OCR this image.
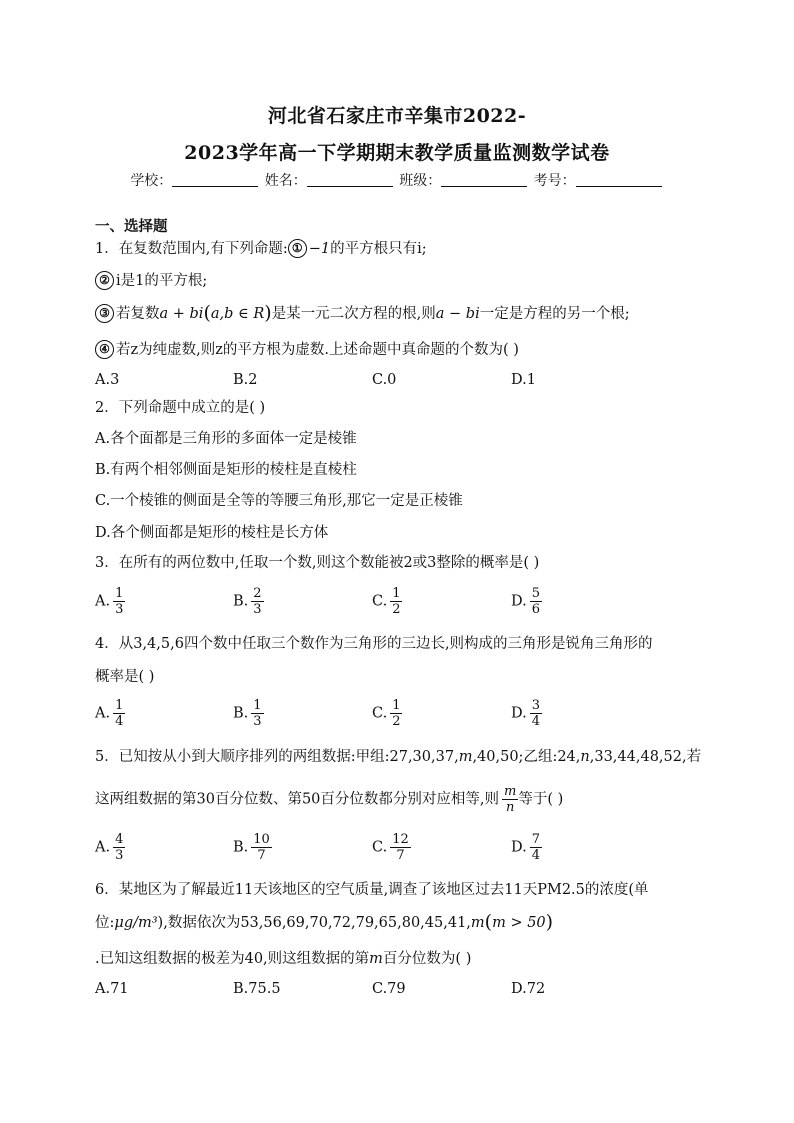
河北省石家庄市辛集市2022-
2023学年高一下学期期末教学质量监测数学试卷
学校：	姓名：	班级：	考号：
一、选择题
1．在复数范围内,有下列命题: ① −1的平方根只有i;
② i是1的平方根;
③ 若复数a + bi(a,b ∈ R)是某一元二次方程的根,则a − bi一定是方程的另一个根;
④ 若z为纯虚数,则z的平方根为虚数.上述命题中真命题的个数为( )
A.3	B.2	C.0	D.1
2．下列命题中成立的是( )
A.各个面都是三角形的多面体一定是棱锥
B.有两个相邻侧面是矩形的棱柱是直棱柱
C.一个棱锥的侧面是全等的等腰三角形,那它一定是正棱锥
D.各个侧面都是矩形的棱柱是长方体
3．在所有的两位数中,任取一个数,则这个数能被2或3整除的概率是( )
A. $\frac{1}{3}$	B. $\frac{2}{3}$	C. $\frac{1}{2}$	D. $\frac{5}{6}$
4．从3,4,5,6四个数中任取三个数作为三角形的三边长,则构成的三角形是锐角三角形的
概率是( )
A. $\frac{1}{4}$	B. $\frac{1}{3}$	C. $\frac{1}{2}$	D. $\frac{3}{4}$
5．已知按从小到大顺序排列的两组数据:甲组:27,30,37,m,40,50;乙组:24,n,33,44,48,52,若
这两组数据的第30百分位数、第50百分位数都分别对应相等,则 $\frac{m}{n}$ 等于( )
A. $\frac{4}{3}$	B. $\frac{10}{7}$	C. $\frac{12}{7}$	D. $\frac{7}{4}$
6．某地区为了解最近11天该地区的空气质量,调查了该地区过去11天PM2.5的浓度(单
位:μg/m³),数据依次为53,56,69,70,72,79,65,80,45,41,m(m > 50)
.已知这组数据的极差为40,则这组数据的第m百分位数为( )
A.71	B.75.5	C.79	D.72
